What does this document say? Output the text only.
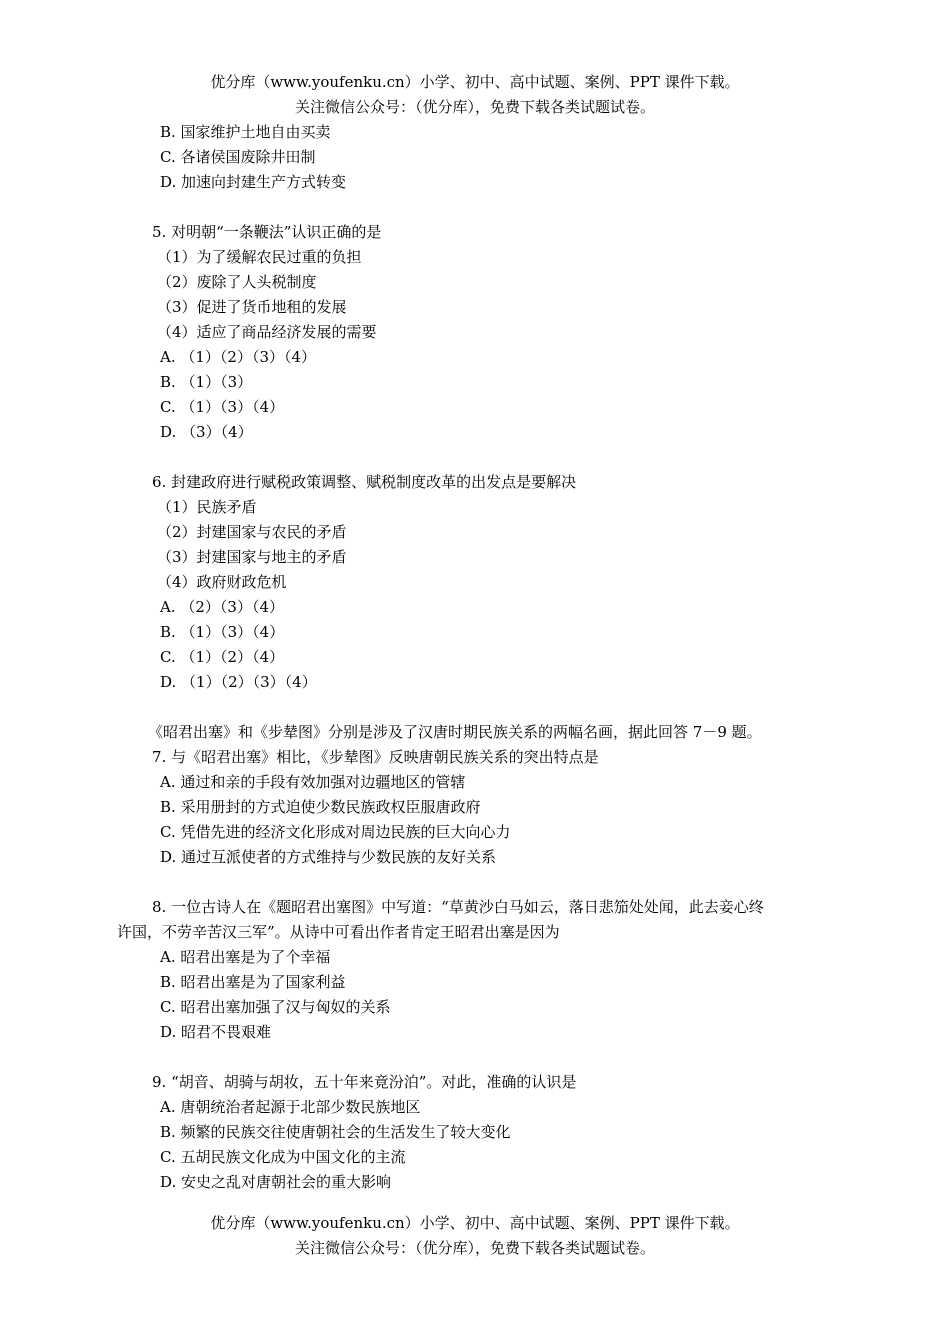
优分库（www.youfenku.cn）小学、初中、高中试题、案例、PPT 课件下载。
关注微信公众号：（优分库），免费下载各类试题试卷。
B. 国家维护土地自由买卖
C. 各诸侯国废除井田制
D. 加速向封建生产方式转变
5. 对明朝“一条鞭法”认识正确的是
（1）为了缓解农民过重的负担
（2）废除了人头税制度
（3）促进了货币地租的发展
（4）适应了商品经济发展的需要
A. （1）（2）（3）（4）
B. （1）（3）
C. （1）（3）（4）
D. （3）（4）
6. 封建政府进行赋税政策调整、赋税制度改革的出发点是要解决
（1）民族矛盾
（2）封建国家与农民的矛盾
（3）封建国家与地主的矛盾
（4）政府财政危机
A. （2）（3）（4）
B. （1）（3）（4）
C. （1）（2）（4）
D. （1）（2）（3）（4）
《昭君出塞》和《步辇图》分别是涉及了汉唐时期民族关系的两幅名画，据此回答 7－9 题。
7. 与《昭君出塞》相比，《步辇图》反映唐朝民族关系的突出特点是
A. 通过和亲的手段有效加强对边疆地区的管辖
B. 采用册封的方式迫使少数民族政权臣服唐政府
C. 凭借先进的经济文化形成对周边民族的巨大向心力
D. 通过互派使者的方式维持与少数民族的友好关系
8. 一位古诗人在《题昭君出塞图》中写道：“草黄沙白马如云，落日悲笳处处闻，此去妾心终
许国，不劳辛苦汉三军”。从诗中可看出作者肯定王昭君出塞是因为
A. 昭君出塞是为了个幸福
B. 昭君出塞是为了国家利益
C. 昭君出塞加强了汉与匈奴的关系
D. 昭君不畏艰难
9. “胡音、胡骑与胡妆，五十年来竟汾泊”。对此，准确的认识是
A. 唐朝统治者起源于北部少数民族地区
B. 频繁的民族交往使唐朝社会的生活发生了较大变化
C. 五胡民族文化成为中国文化的主流
D. 安史之乱对唐朝社会的重大影响
优分库（www.youfenku.cn）小学、初中、高中试题、案例、PPT 课件下载。
关注微信公众号：（优分库），免费下载各类试题试卷。
